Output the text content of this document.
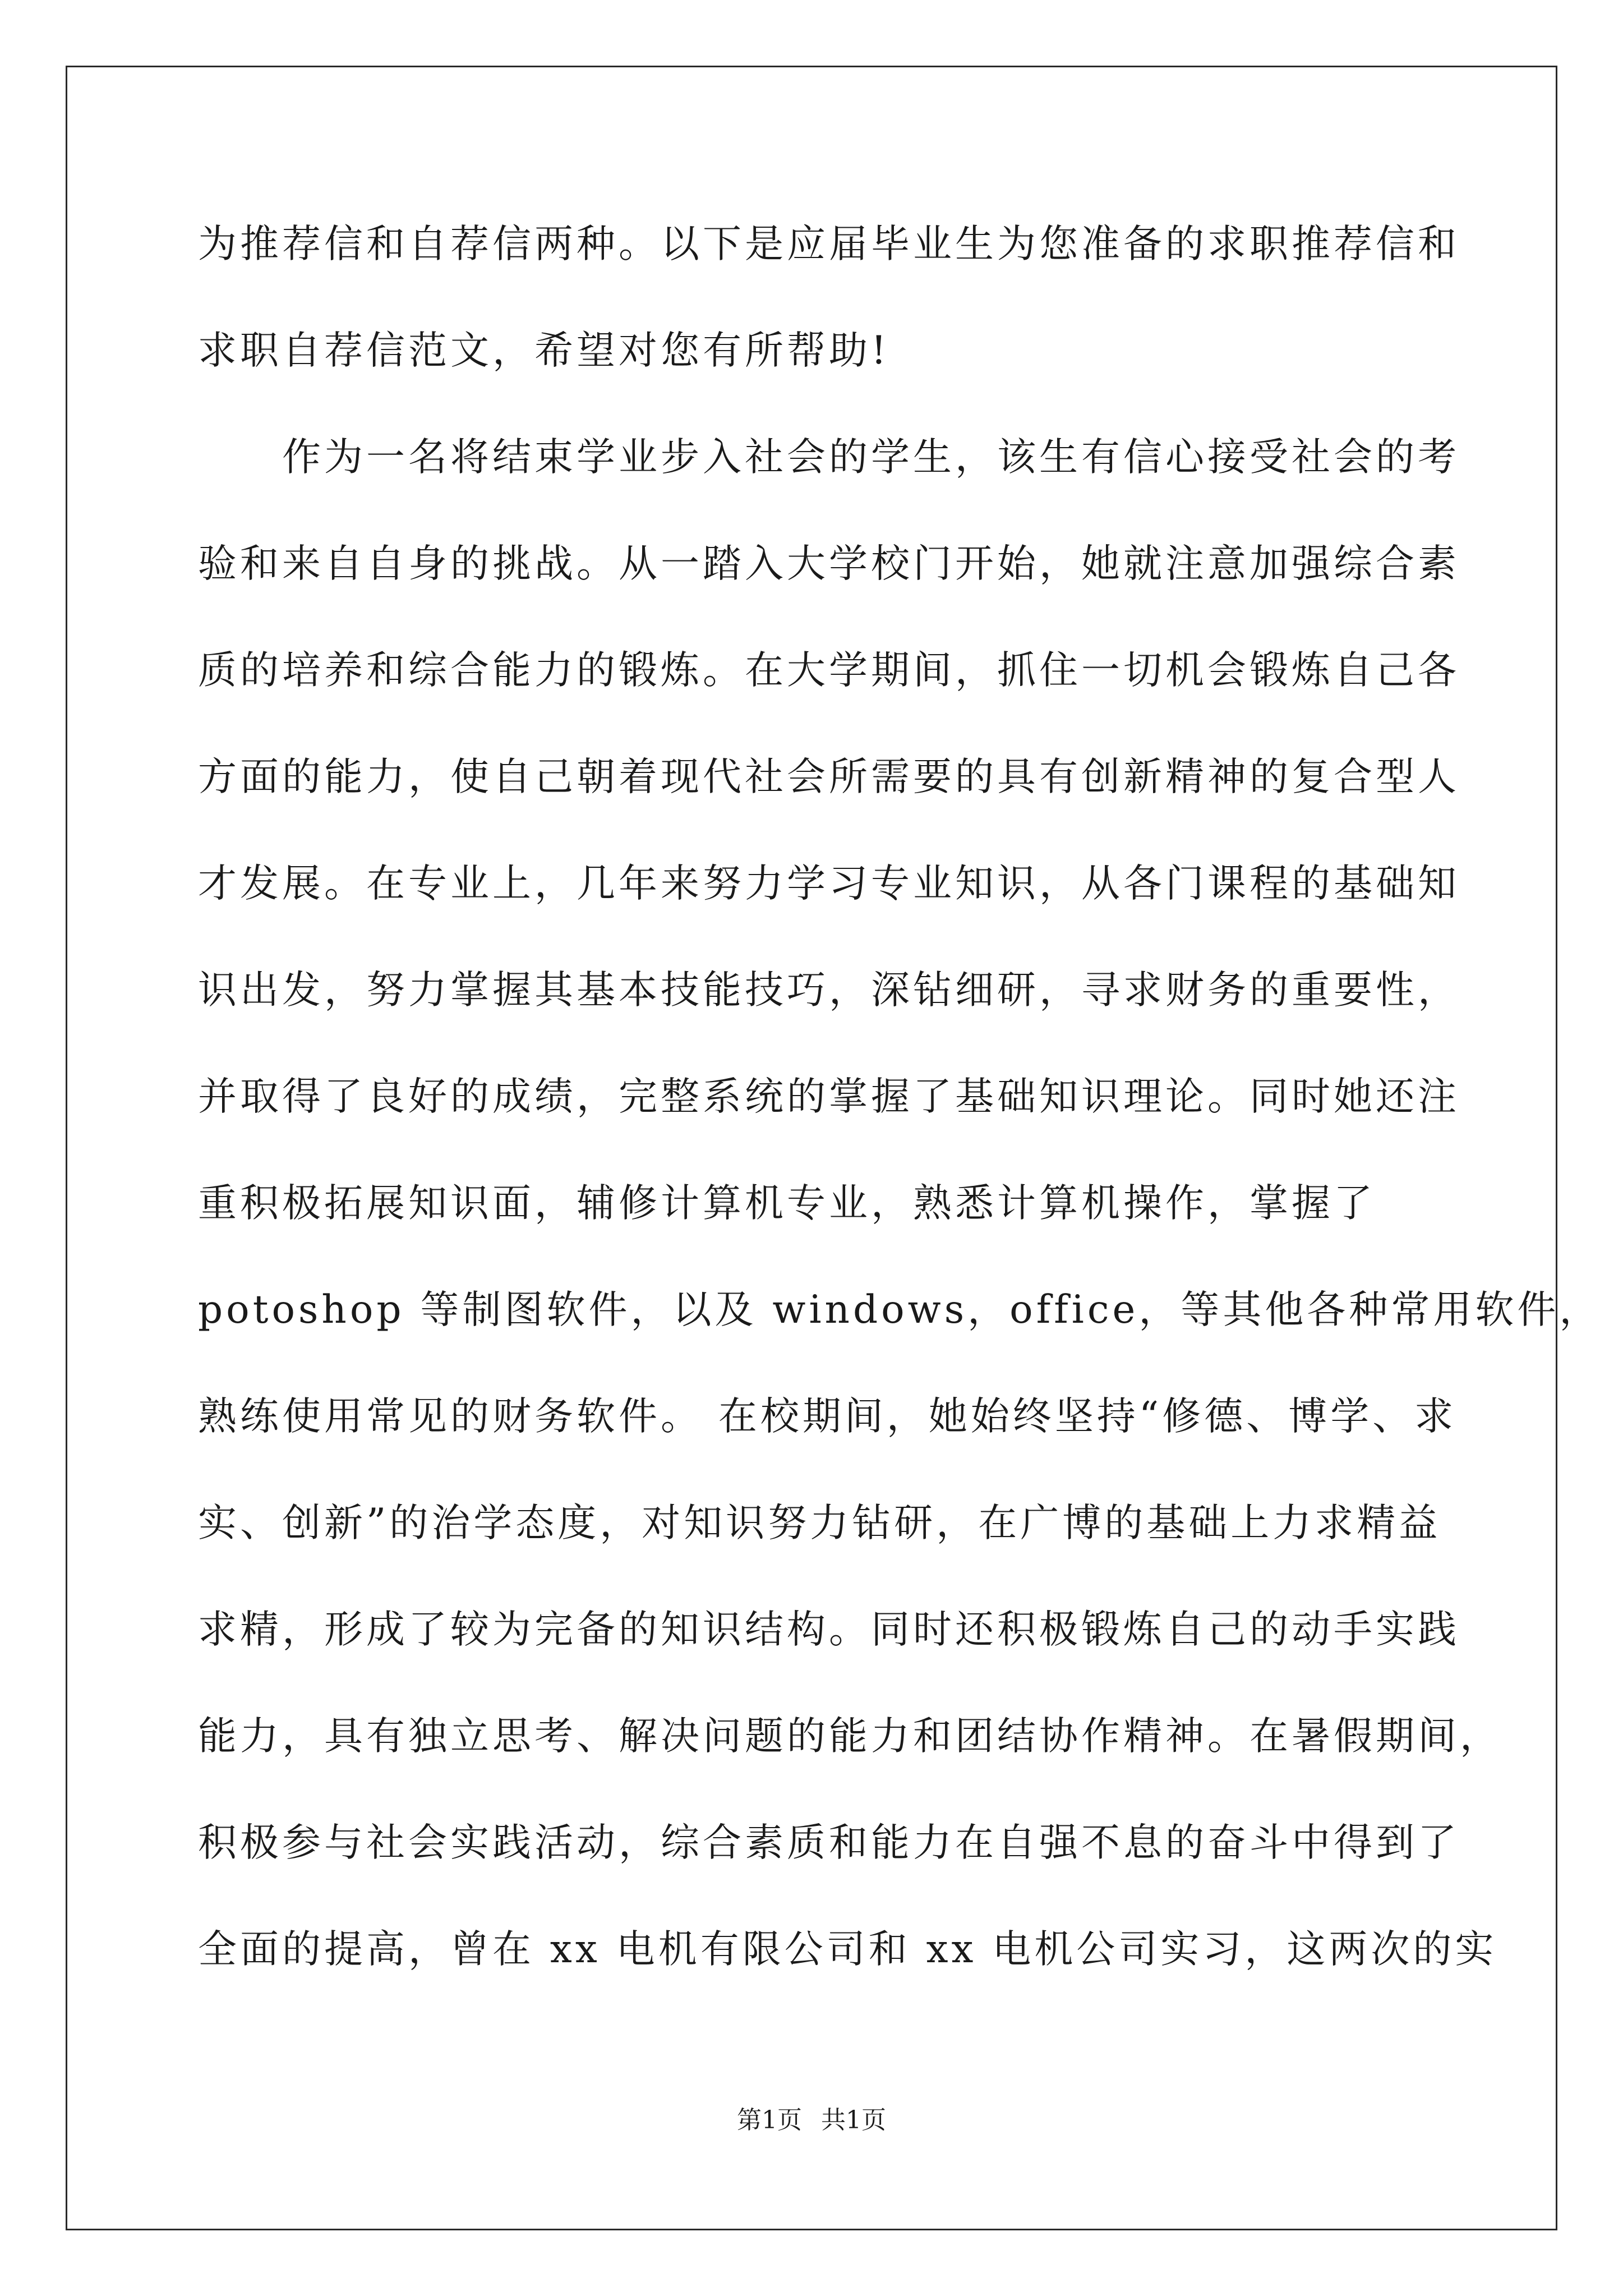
为推荐信和自荐信两种。以下是应届毕业生为您准备的求职推荐信和
求职自荐信范文，希望对您有所帮助!
作为一名将结束学业步入社会的学生，该生有信心接受社会的考
验和来自自身的挑战。从一踏入大学校门开始，她就注意加强综合素
质的培养和综合能力的锻炼。在大学期间，抓住一切机会锻炼自己各
方面的能力，使自己朝着现代社会所需要的具有创新精神的复合型人
才发展。在专业上，几年来努力学习专业知识，从各门课程的基础知
识出发，努力掌握其基本技能技巧，深钻细研，寻求财务的重要性，
并取得了良好的成绩，完整系统的掌握了基础知识理论。同时她还注
重积极拓展知识面，辅修计算机专业，熟悉计算机操作，掌握了
potoshop 等制图软件，以及 windows，office，等其他各种常用软件，
熟练使用常见的财务软件。 在校期间，她始终坚持“修德、博学、求
实、创新”的治学态度，对知识努力钻研，在广博的基础上力求精益
求精，形成了较为完备的知识结构。同时还积极锻炼自己的动手实践
能力，具有独立思考、解决问题的能力和团结协作精神。在暑假期间，
积极参与社会实践活动，综合素质和能力在自强不息的奋斗中得到了
全面的提高，曾在 xx 电机有限公司和 xx 电机公司实习，这两次的实
第1页 共1页
